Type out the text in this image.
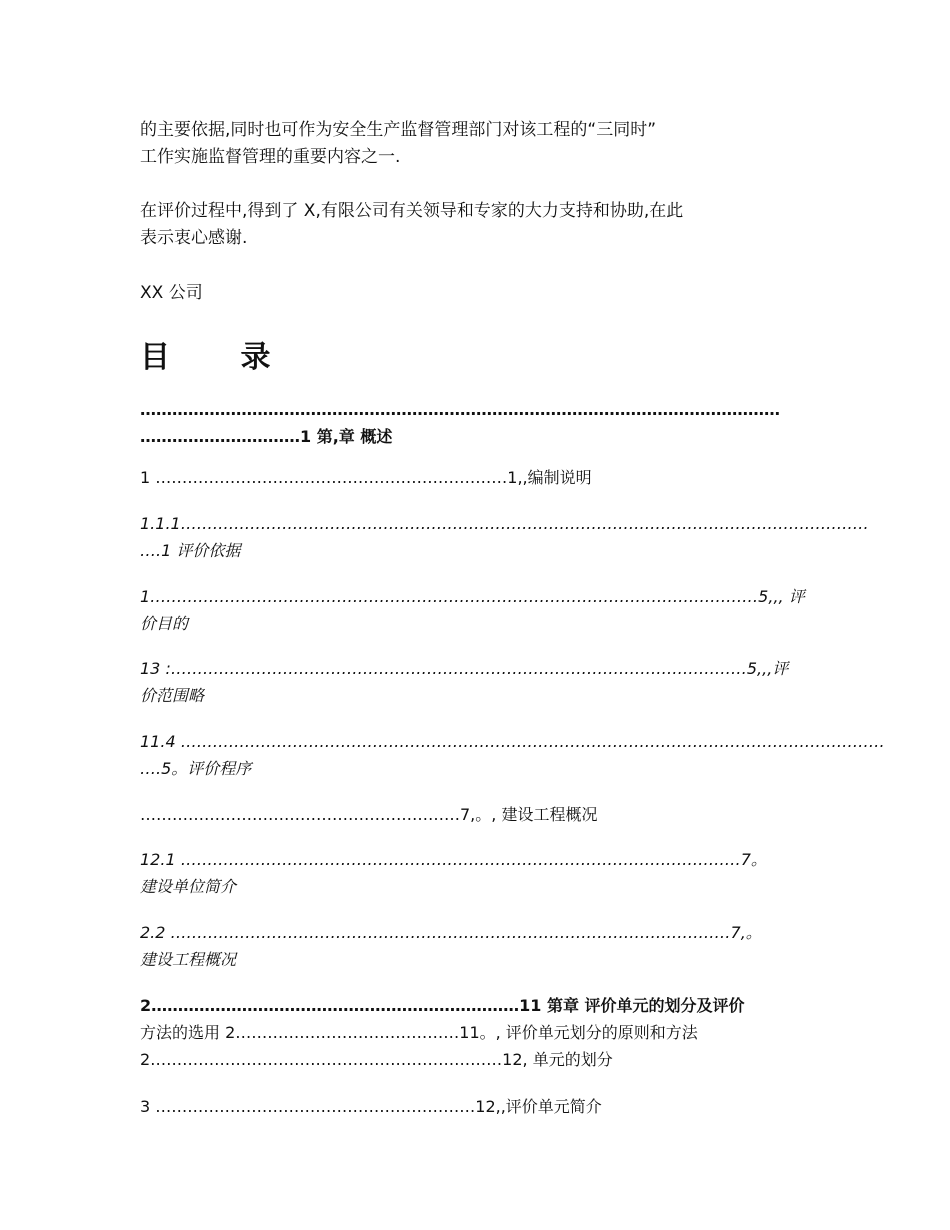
的主要依据,同时也可作为安全生产监督管理部门对该工程的“三同时”
工作实施监督管理的重要内容之一.
在评价过程中,得到了 X,有限公司有关领导和专家的大力支持和协助,在此
表示衷心感谢.
XX 公司
目 录
…………………………………………………………………………………………………………
…………………………1 第,章 概述
1 …………………………………………………………1,,编制说明
1.1.1…………………………………………………………………………………………………………………
….1 评价依据
1……………………………………………………………………………………………………5,,, 评
价目的
13 :………………………………………………………………………………………………5,,,评
价范围略
11.4 ……………………………………………………………………………………………………………………
….5。评价程序
……………………………………………………7,。, 建设工程概况
12.1 ……………………………………………………………………………………………7。
建设单位简介
2.2 ……………………………………………………………………………………………7,。
建设工程概况
2……………………………………………………………11 第章 评价单元的划分及评价
方法的选用 2……………………………………11。, 评价单元划分的原则和方法
2…………………………………………………………12, 单元的划分
3 ……………………………………………………12,,评价单元简介
